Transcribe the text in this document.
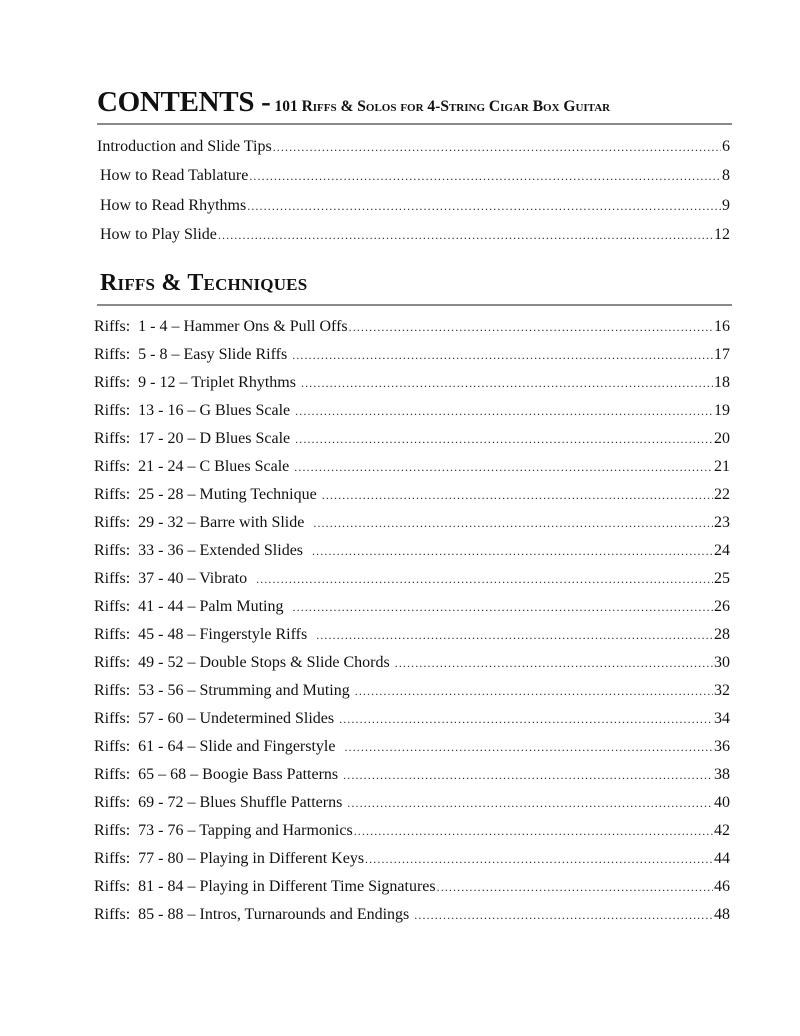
CONTENTS - 101 Riffs & Solos for 4-String Cigar Box Guitar
Introduction and Slide Tips .....	6
How to Read Tablature .....	8
How to Read Rhythms .....	9
How to Play Slide .....	12
Riffs & Techniques
Riffs:  1 - 4 – Hammer Ons & Pull Offs .....	16
Riffs:  5 - 8 – Easy Slide Riffs .....	17
Riffs:  9 - 12 – Triplet Rhythms .....	18
Riffs:  13 - 16 – G Blues Scale .....	19
Riffs:  17 - 20 – D Blues Scale .....	20
Riffs:  21 - 24 – C Blues Scale .....	21
Riffs:  25 - 28 – Muting Technique .....	22
Riffs:  29 - 32 – Barre with Slide .....	23
Riffs:  33 - 36 – Extended Slides .....	24
Riffs:  37 - 40 – Vibrato .....	25
Riffs:  41 - 44 – Palm Muting .....	26
Riffs:  45 - 48 – Fingerstyle Riffs .....	28
Riffs:  49 - 52 – Double Stops & Slide Chords .....	30
Riffs:  53 - 56 – Strumming and Muting .....	32
Riffs:  57 - 60 – Undetermined Slides .....	34
Riffs:  61 - 64 – Slide and Fingerstyle .....	36
Riffs:  65 – 68 – Boogie Bass Patterns .....	38
Riffs:  69 - 72 – Blues Shuffle Patterns .....	40
Riffs:  73 - 76 – Tapping and Harmonics .....	42
Riffs:  77 - 80 – Playing in Different Keys .....	44
Riffs:  81 - 84 – Playing in Different Time Signatures .....	46
Riffs:  85 - 88 – Intros, Turnarounds and Endings .....	48
